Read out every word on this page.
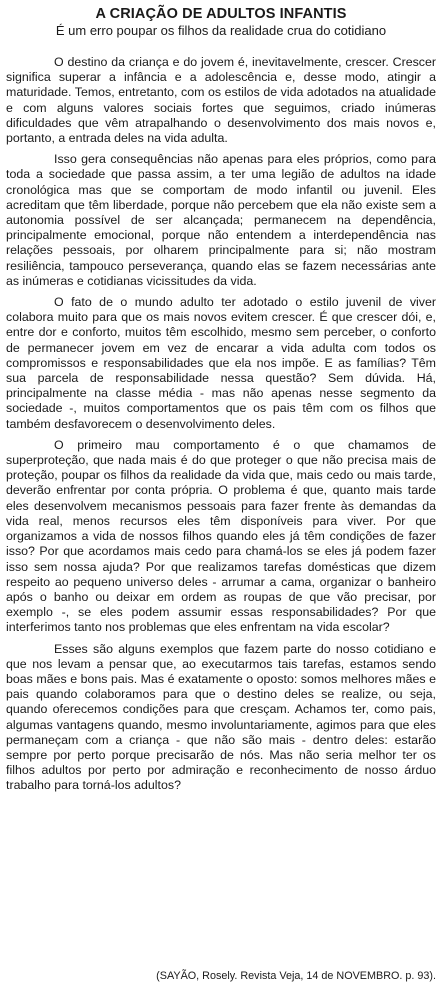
A CRIAÇÃO DE ADULTOS INFANTIS

É um erro poupar os filhos da realidade crua do cotidiano

O destino da criança e do jovem é, inevitavelmente, crescer. Crescer significa superar a infância e a adolescência e, desse modo, atingir a maturidade. Temos, entretanto, com os estilos de vida adotados na atualidade e com alguns valores sociais fortes que seguimos, criado inúmeras dificuldades que vêm atrapalhando o desenvolvimento dos mais novos e, portanto, a entrada deles na vida adulta.

Isso gera consequências não apenas para eles próprios, como para toda a sociedade que passa assim, a ter uma legião de adultos na idade cronológica mas que se comportam de modo infantil ou juvenil. Eles acreditam que têm liberdade, porque não percebem que ela não existe sem a autonomia possível de ser alcançada; permanecem na dependência, principalmente emocional, porque não entendem a interdependência nas relações pessoais, por olharem principalmente para si; não mostram resiliência, tampouco perseverança, quando elas se fazem necessárias ante as inúmeras e cotidianas vicissitudes da vida.

O fato de o mundo adulto ter adotado o estilo juvenil de viver colabora muito para que os mais novos evitem crescer. É que crescer dói, e, entre dor e conforto, muitos têm escolhido, mesmo sem perceber, o conforto de permanecer jovem em vez de encarar a vida adulta com todos os compromissos e responsabilidades que ela nos impõe. E as famílias? Têm sua parcela de responsabilidade nessa questão? Sem dúvida. Há, principalmente na classe média - mas não apenas nesse segmento da sociedade -, muitos comportamentos que os pais têm com os filhos que também desfavorecem o desenvolvimento deles.

O primeiro mau comportamento é o que chamamos de superproteção, que nada mais é do que proteger o que não precisa mais de proteção, poupar os filhos da realidade da vida que, mais cedo ou mais tarde, deverão enfrentar por conta própria. O problema é que, quanto mais tarde eles desenvolvem mecanismos pessoais para fazer frente às demandas da vida real, menos recursos eles têm disponíveis para viver. Por que organizamos a vida de nossos filhos quando eles já têm condições de fazer isso? Por que acordamos mais cedo para chamá-los se eles já podem fazer isso sem nossa ajuda? Por que realizamos tarefas domésticas que dizem respeito ao pequeno universo deles - arrumar a cama, organizar o banheiro após o banho ou deixar em ordem as roupas de que vão precisar, por exemplo -, se eles podem assumir essas responsabilidades? Por que interferimos tanto nos problemas que eles enfrentam na vida escolar?

Esses são alguns exemplos que fazem parte do nosso cotidiano e que nos levam a pensar que, ao executarmos tais tarefas, estamos sendo boas mães e bons pais. Mas é exatamente o oposto: somos melhores mães e pais quando colaboramos para que o destino deles se realize, ou seja, quando oferecemos condições para que cresçam. Achamos ter, como pais, algumas vantagens quando, mesmo involuntariamente, agimos para que eles permaneçam com a criança - que não são mais - dentro deles: estarão sempre por perto porque precisarão de nós. Mas não seria melhor ter os filhos adultos por perto por admiração e reconhecimento de nosso árduo trabalho para torná-los adultos?

(SAYÃO, Rosely. Revista Veja, 14 de NOVEMBRO. p. 93).
